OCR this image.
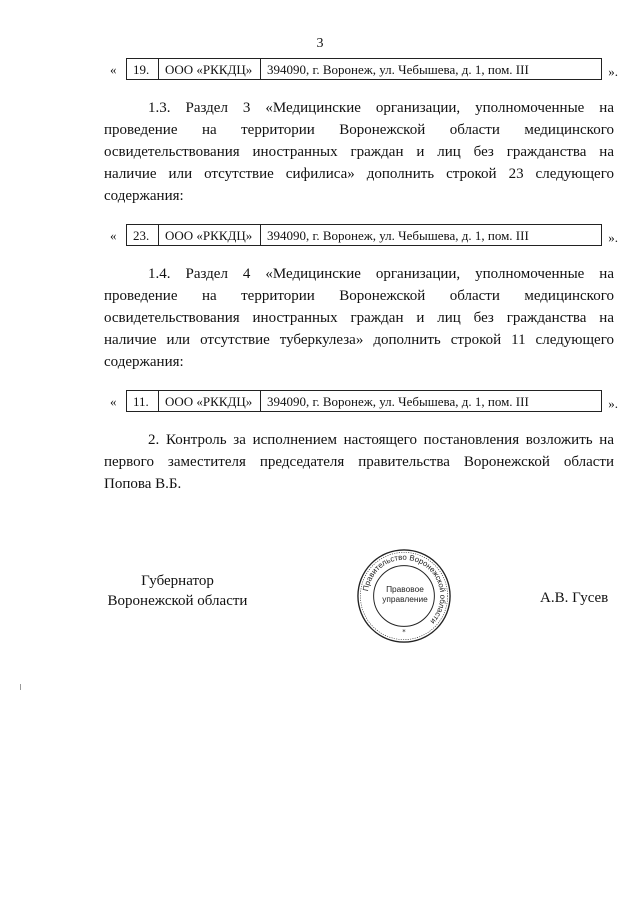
3
«	19.	ООО «РККДЦ»	394090, г. Воронеж, ул. Чебышева, д. 1, пом. III	».
1.3. Раздел 3 «Медицинские организации, уполномоченные на
проведение на территории Воронежской области медицинского
освидетельствования иностранных граждан и лиц без гражданства на
наличие или отсутствие сифилиса» дополнить строкой 23 следующего
содержания:
«	23.	ООО «РККДЦ»	394090, г. Воронеж, ул. Чебышева, д. 1, пом. III	».
1.4. Раздел 4 «Медицинские организации, уполномоченные на
проведение на территории Воронежской области медицинского
освидетельствования иностранных граждан и лиц без гражданства на
наличие или отсутствие туберкулеза» дополнить строкой 11 следующего
содержания:
«	11.	ООО «РККДЦ»	394090, г. Воронеж, ул. Чебышева, д. 1, пом. III	».
2. Контроль за исполнением настоящего постановления возложить на
первого заместителя председателя правительства Воронежской области
Попова В.Б.
Губернатор
Воронежской области	А.В. Гусев
Правительство Воронежской области
Правовое
управление
*
